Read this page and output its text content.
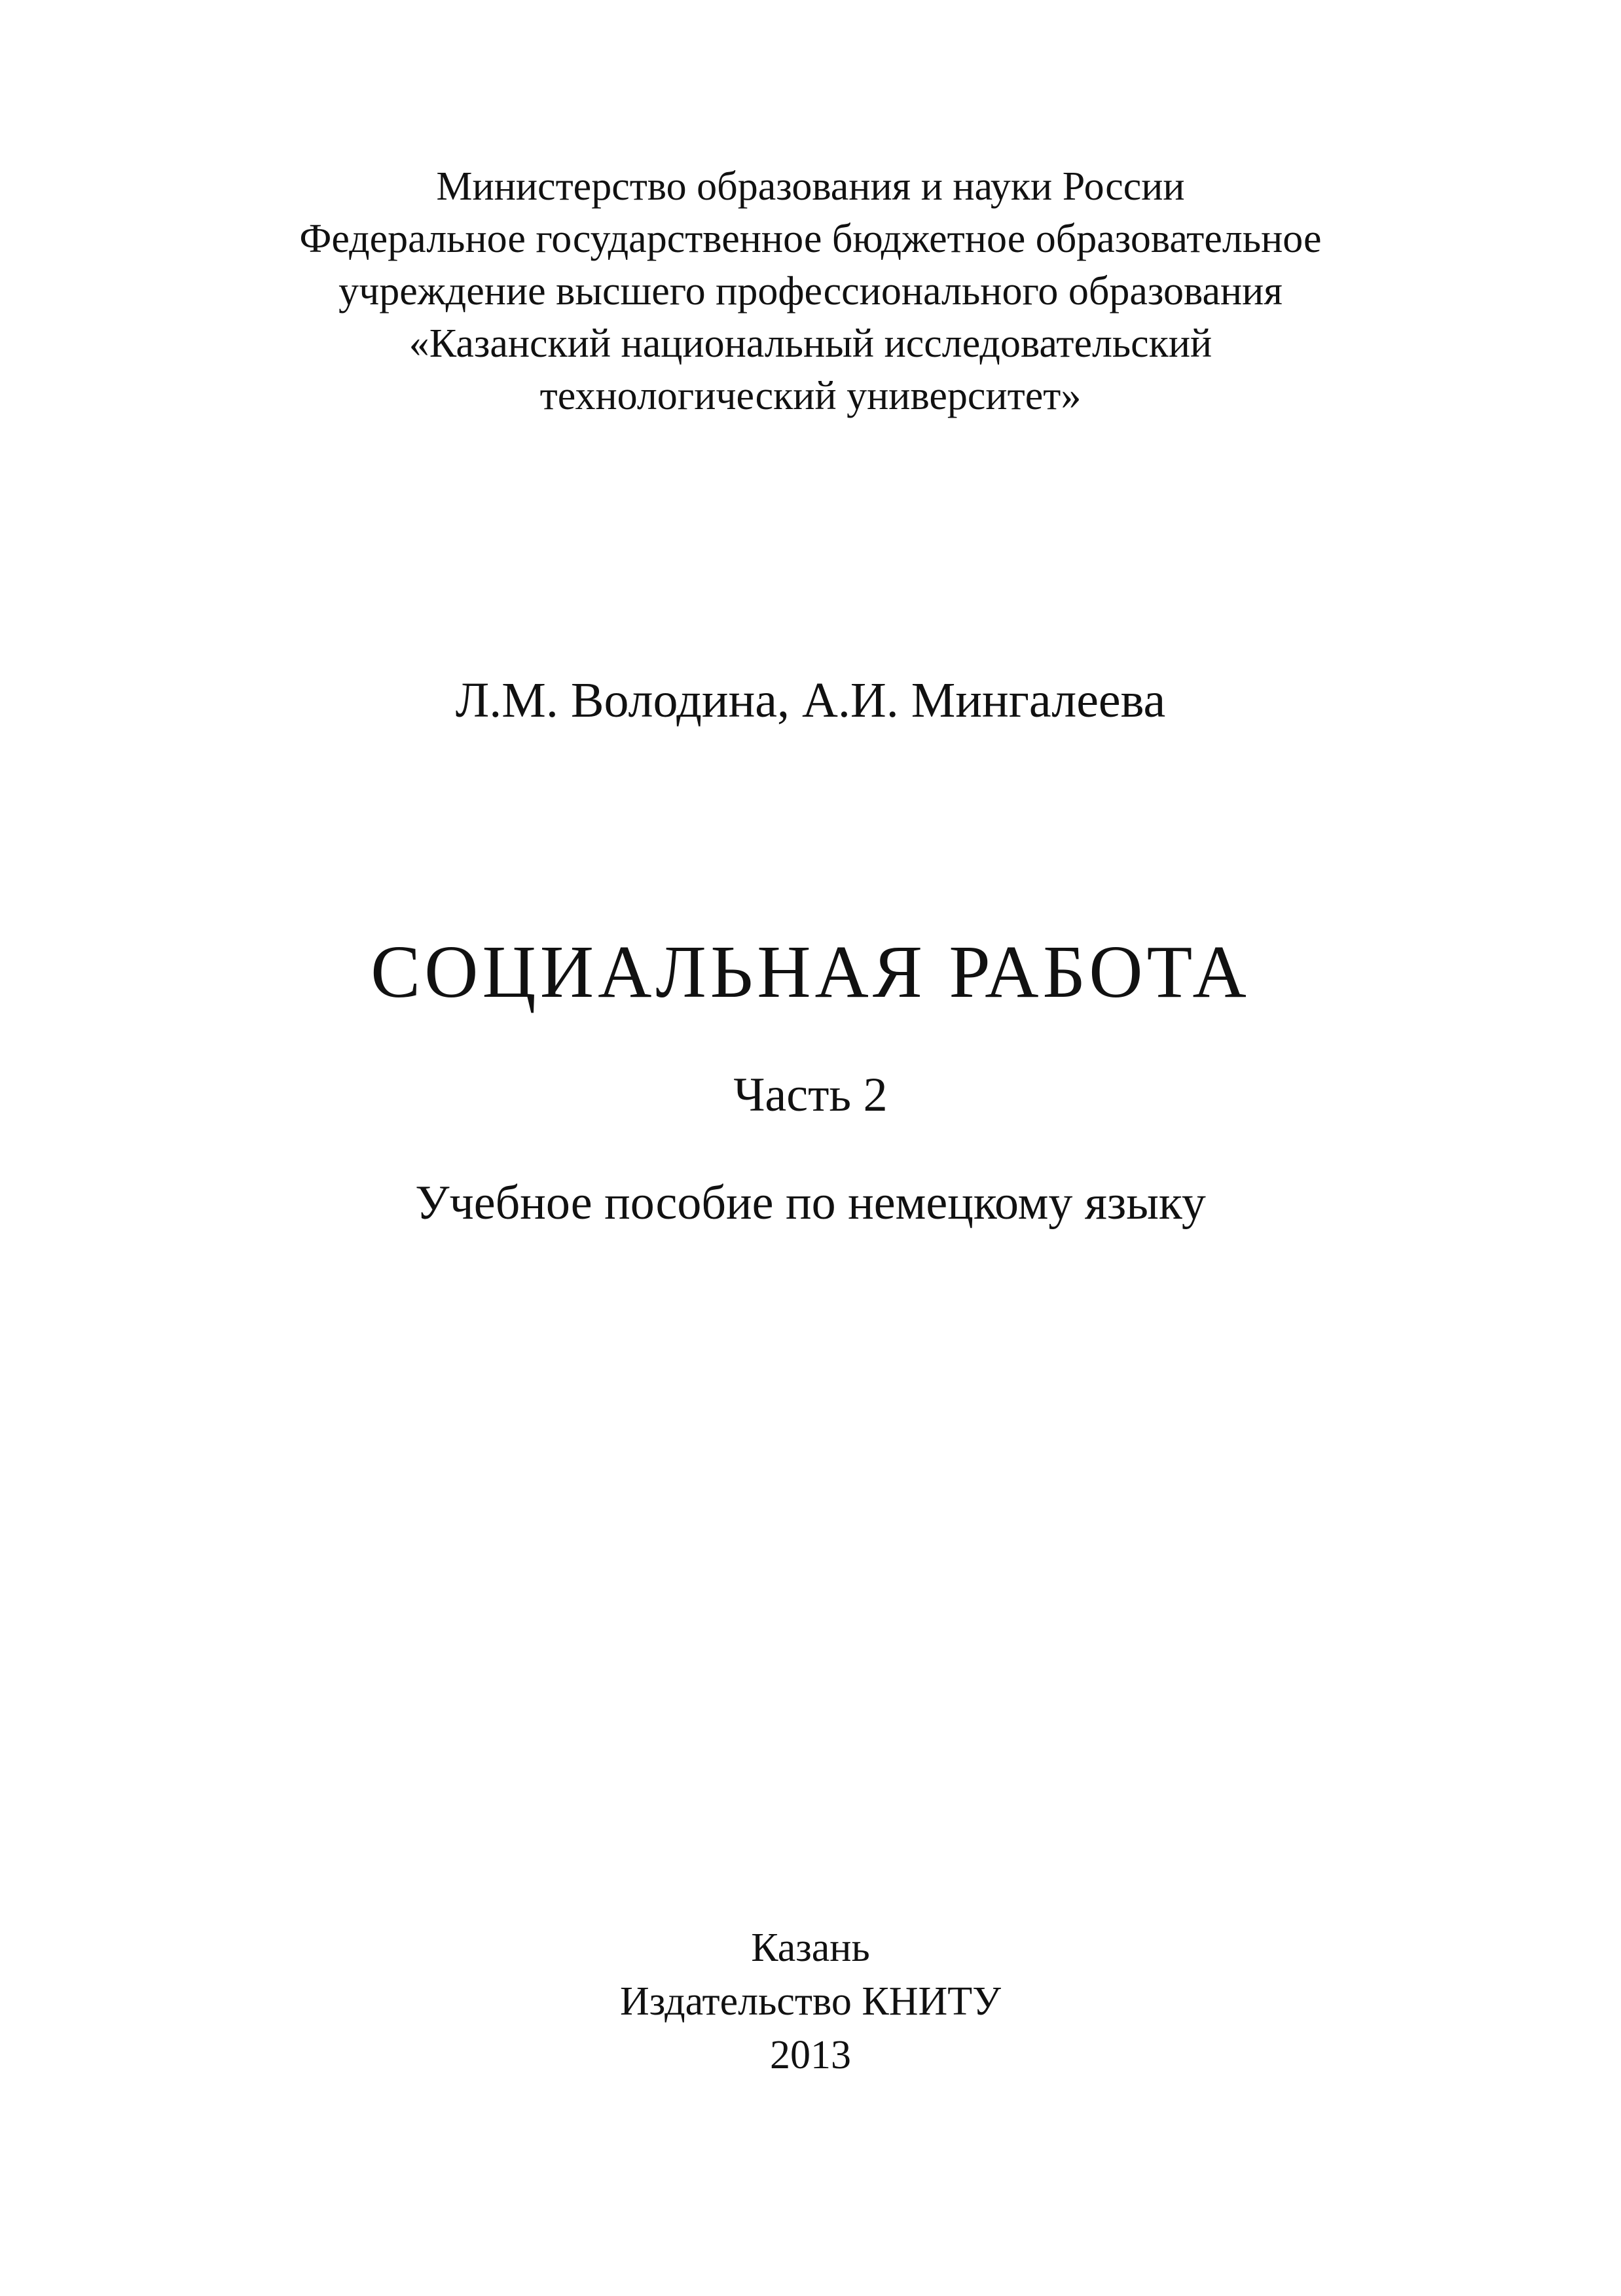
Министерство образования и науки России
Федеральное государственное бюджетное образовательное
учреждение высшего профессионального образования
«Казанский национальный исследовательский
технологический университет»
Л.М. Володина, А.И. Мингалеева
СОЦИАЛЬНАЯ РАБОТА
Часть 2
Учебное пособие по немецкому языку
Казань
Издательство КНИТУ
2013
